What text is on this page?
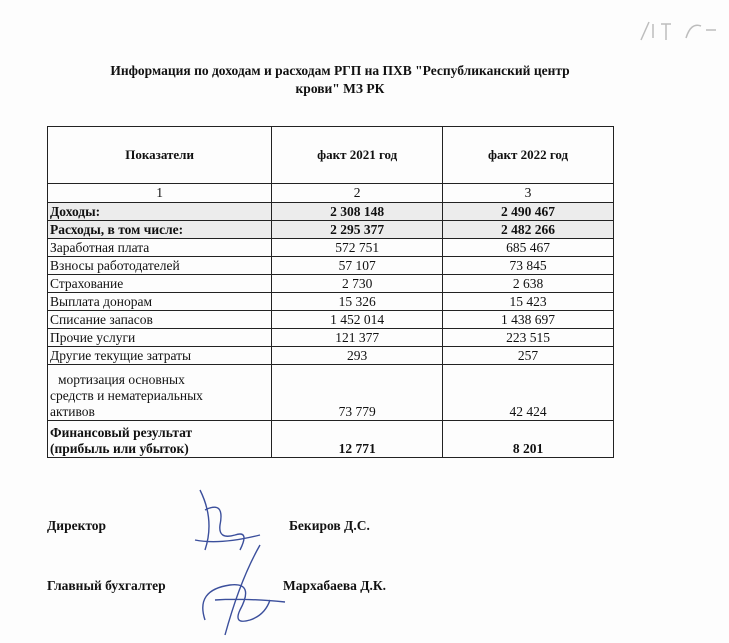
Информация по доходам и расходам РГП на ПХВ "Республиканский центр
крови" МЗ РК
Показатели	факт 2021 год	факт 2022 год
1	2	3
Доходы:	2 308 148	2 490 467
Расходы, в том числе:	2 295 377	2 482 266
Заработная плата	572 751	685 467
Взносы работодателей	57 107	73 845
Страхование	2 730	2 638
Выплата донорам	15 326	15 423
Списание запасов	1 452 014	1 438 697
Прочие услуги	121 377	223 515
Другие текущие затраты	293	257

мортизация основных
средств и нематериальных
активов	73 779	42 424

Финансовый результат
(прибыль или убыток)	12 771	8 201
Директор	Бекиров Д.С.
Главный бухгалтер	Мархабаева Д.К.
